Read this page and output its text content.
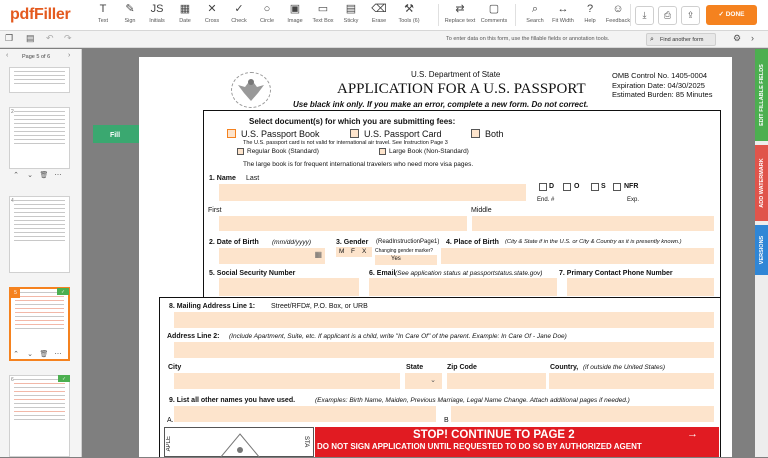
pdfFiller	T
Text
✎
Sign
JS
Initials
▦
Date
✕
Cross
✓
Check
○
Circle
▣
Image
▭
Text Box
▤
Sticky
⌫
Erase
⚒
Tools (6)
⇄
Replace text
▢
Comments
⌕
Search
↔
Fit Width
?
Help
☺
Feedback
⤓	⎙	⇪	✓ DONE
❐ ▤ ↶ ↷	To enter data on this form, use the fillable fields or annotation tools.	⌕ Find another form	⚙ ›
Page 5 of 6
‹	›
2
⌃ ⌄ 🗑 ⋯
4
5	✓
⌃ ⌄ 🗑 ⋯
6	✓
EDIT FILLABLE FIELDS
ADD WATERMARK
VERSIONS
Fill
U.S. Department of State
APPLICATION FOR A U.S. PASSPORT
OMB Control No. 1405-0004
Expiration Date: 04/30/2025
Estimated Burden: 85 Minutes
Use black ink only. If you make an error, complete a new form. Do not correct.
Select document(s) for which you are submitting fees:
U.S. Passport Book	U.S. Passport Card	Both
The U.S. passport card is not valid for international air travel. See Instruction Page 3
Regular Book (Standard)	Large Book (Non-Standard)
The large book is for frequent international travelers who need more visa pages.
1. Name Last
D	O	S	NFR
End. #	Exp.
First	Middle
2. Date of Birth (mm/dd/yyyy)
▦
3. Gender (ReadInstructionPage1)
M F X Changing gender marker?
Yes
4. Place of Birth (City & State if in the U.S. or City & Country as it is presently known.)
5. Social Security Number	6. Email (See application status at passportstatus.state.gov) 7. Primary Contact Phone Number
8. Mailing Address Line 1: Street/RFD#, P.O. Box, or URB
Address Line 2: (Include Apartment, Suite, etc. If applicant is a child, write "In Care Of" of the parent. Example: In Care Of - Jane Doe)
City	State	Zip Code	Country, (if outside the United States)
⌄
9. List all other names you have used.	(Examples: Birth Name, Maiden, Previous Marriage, Legal Name Change. Attach additional pages if needed.)
A.	B
APLE	STA
STOP! CONTINUE TO PAGE 2	→
DO NOT SIGN APPLICATION UNTIL REQUESTED TO DO SO BY AUTHORIZED AGENT
